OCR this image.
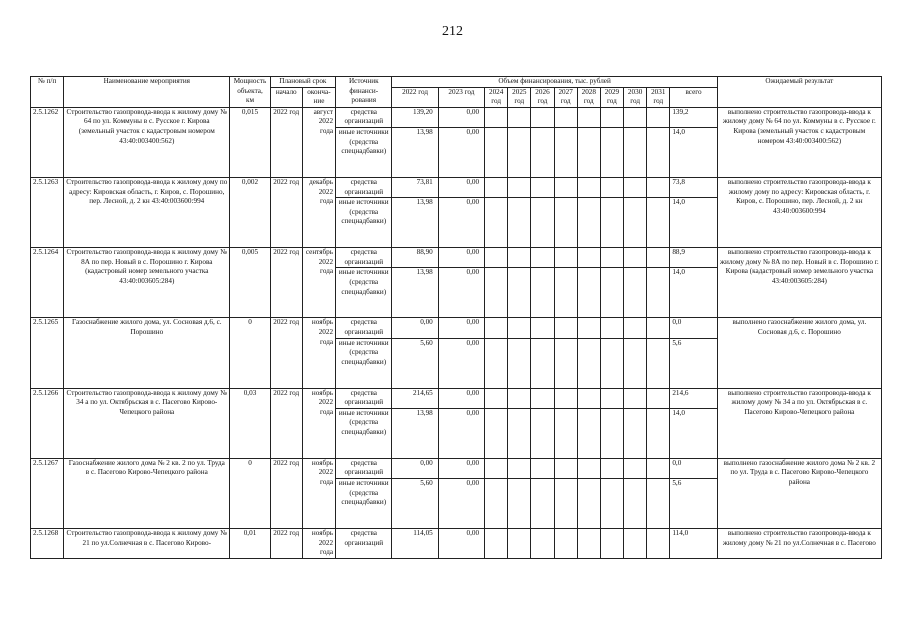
212
№ п/п	Наименование мероприятия	Мощность объекта, км	Плановый срок		Источник финанси-рования	Объем финансирования, тыс. рублей											Ожидаемый результат
			начало	оконча-ние		2022 год	2023 год	2024 год	2025 год	2026 год	2027 год	2028 год	2029 год	2030 год	2031 год	всего	
2.5.1262	Строительство газопровода-ввода к жилому дому № 64 по ул. Коммуны в с. Русское г. Кирова (земельный участок с кадастровым номером 43:40:003400:562)	0,015	2022 год	август 2022 года	средства организаций	139,20	0,00									139,2	выполнено строительство газопровода-ввода к жилому дому № 64 по ул. Коммуны в с. Русское г. Кирова (земельный участок с кадастровым номером 43:40:003400:562)
					иные источники (средства спецнадбавки)	13,98	0,00									14,0	
2.5.1263	Строительство газопровода-ввода к жилому дому по адресу: Кировская область, г. Киров, с. Порошино, пер. Лесной, д. 2 кн 43:40:003600:994	0,002	2022 год	декабрь 2022 года	средства организаций	73,81	0,00									73,8	выполнено строительство газопровода-ввода к жилому дому по адресу: Кировская область, г. Киров, с. Порошино, пер. Лесной, д. 2 кн 43:40:003600:994
					иные источники (средства спецнадбавки)	13,98	0,00									14,0	
2.5.1264	Строительство газопровода-ввода к жилому дому № 8А по пер. Новый в с. Порошино г. Кирова (кадастровый номер земельного участка 43:40:003605:284)	0,005	2022 год	сентябрь 2022 года	средства организаций	88,90	0,00									88,9	выполнено строительство газопровода-ввода к жилому дому № 8А по пер. Новый в с. Порошино г. Кирова (кадастровый номер земельного участка 43:40:003605:284)
					иные источники (средства спецнадбавки)	13,98	0,00									14,0	
2.5.1265	Газоснабжение жилого дома, ул. Сосновая д.6, с. Порошино	0	2022 год	ноябрь 2022 года	средства организаций	0,00	0,00									0,0	выполнено газоснабжение жилого дома, ул. Сосновая д.6, с. Порошино
					иные источники (средства спецнадбавки)	5,60	0,00									5,6	
2.5.1266	Строительство газопровода-ввода к жилому дому № 34 а по ул. Октябрьская в с. Пасегово Кирово-Чепецкого района	0,03	2022 год	ноябрь 2022 года	средства организаций	214,65	0,00									214,6	выполнено строительство газопровода-ввода к жилому дому № 34 а по ул. Октябрьская в с. Пасегово Кирово-Чепецкого района
					иные источники (средства спецнадбавки)	13,98	0,00									14,0	
2.5.1267	Газоснабжение жилого дома № 2 кв. 2 по ул. Труда в с. Пасегово Кирово-Чепецкого района	0	2022 год	ноябрь 2022 года	средства организаций	0,00	0,00									0,0	выполнено газоснабжение жилого дома № 2 кв. 2 по ул. Труда в с. Пасегово Кирово-Чепецкого района
					иные источники (средства спецнадбавки)	5,60	0,00									5,6	
2.5.1268	Строительство газопровода-ввода к жилому дому № 21 по ул.Солнечная в с. Пасегово Кирово-	0,01	2022 год	ноябрь 2022 года	средства организаций	114,05	0,00									114,0	выполнено строительство газопровода-ввода к жилому дому № 21 по ул.Солнечная в с. Пасегово
